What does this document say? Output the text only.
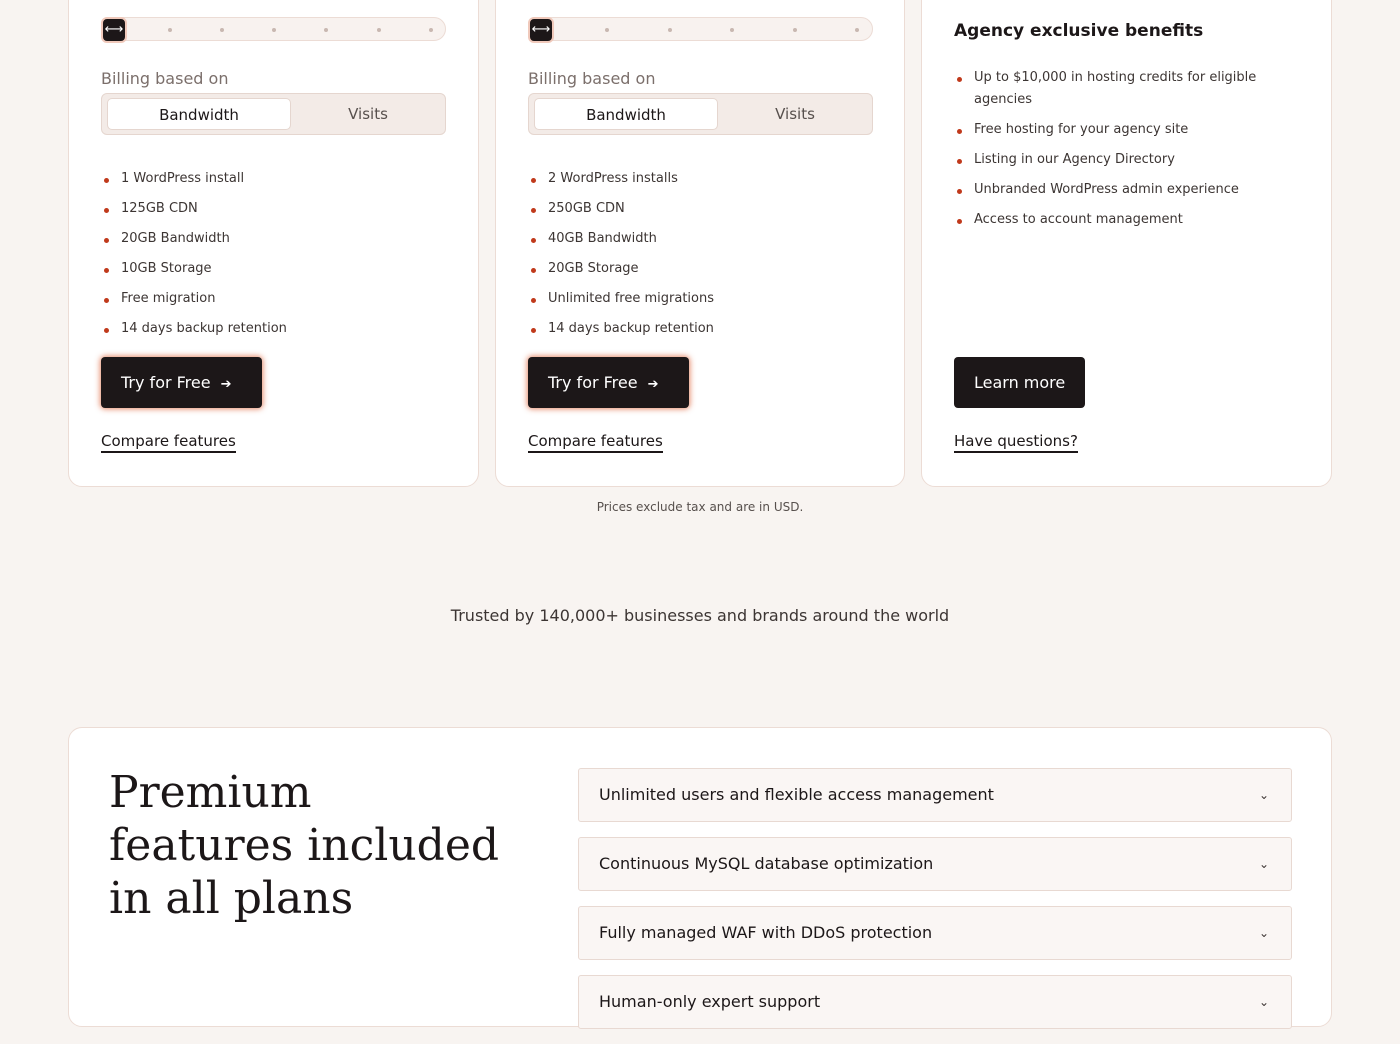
⟷
Billing based on
Bandwidth	Visits
1 WordPress install
125GB CDN
20GB Bandwidth
10GB Storage
Free migration
14 days backup retention
Try for Free ➔
Compare features
⟷
Billing based on
Bandwidth	Visits
2 WordPress installs
250GB CDN
40GB Bandwidth
20GB Storage
Unlimited free migrations
14 days backup retention
Try for Free ➔
Compare features
Agency exclusive benefits
Up to $10,000 in hosting credits for eligible agencies
Free hosting for your agency site
Listing in our Agency Directory
Unbranded WordPress admin experience
Access to account management
Learn more
Have questions?
Prices exclude tax and are in USD.
Trusted by 140,000+ businesses and brands around the world
Premium features included in all plans
Unlimited users and flexible access management	⌄
Continuous MySQL database optimization	⌄
Fully managed WAF with DDoS protection	⌄
Human-only expert support	⌄
